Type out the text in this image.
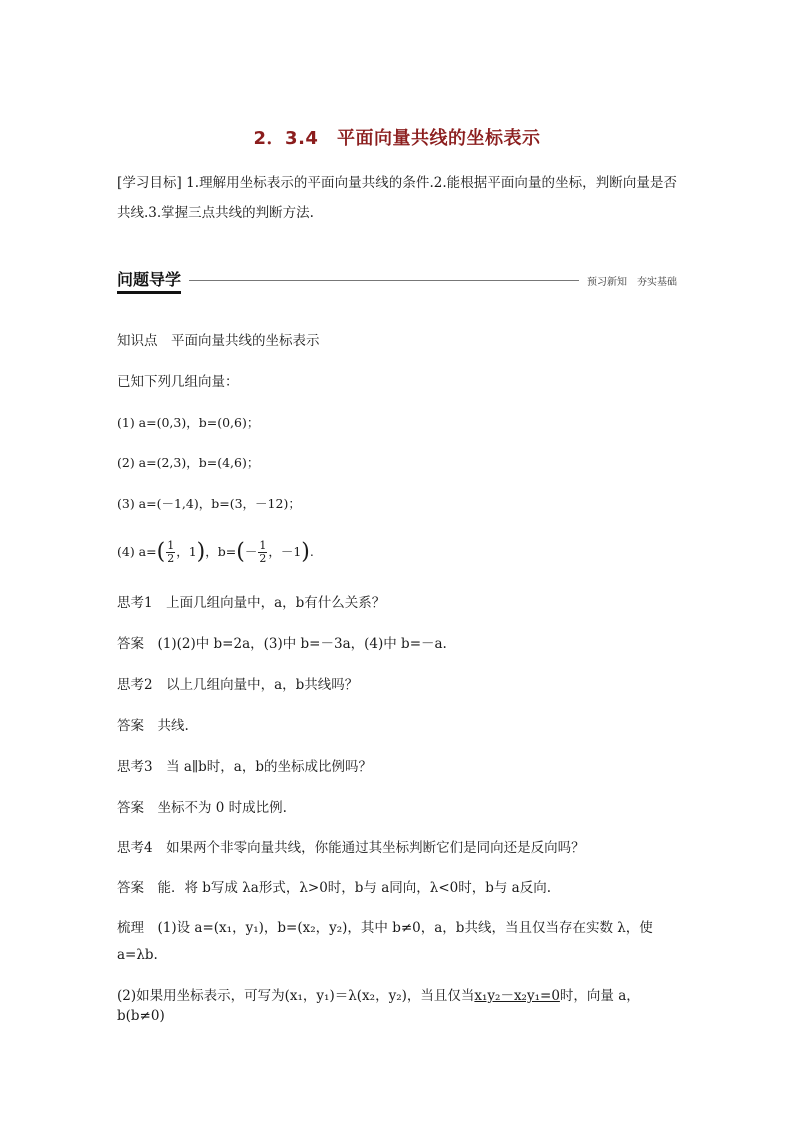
2．3.4　平面向量共线的坐标表示
[学习目标] 1.理解用坐标表示的平面向量共线的条件.2.能根据平面向量的坐标，判断向量是否共线.3.掌握三点共线的判断方法.
问题导学	预习新知　夯实基础
知识点　平面向量共线的坐标表示
已知下列几组向量：
(1) a=(0,3)，b=(0,6)；
(2) a=(2,3)，b=(4,6)；
(3) a=(－1,4)，b=(3，－12)；
(4) $a=( \frac{1}{2}$ ，1)，$b=(- \frac{1}{2}$ ，－1).
思考1　上面几组向量中，a，b有什么关系？
答案　(1)(2)中 b=2a，(3)中 b=－3a，(4)中 b=－a.
思考2　以上几组向量中，a，b共线吗？
答案　共线.
思考3　当 a∥b时，a，b的坐标成比例吗？
答案　坐标不为 0 时成比例.
思考4　如果两个非零向量共线，你能通过其坐标判断它们是同向还是反向吗？
答案　能．将 b写成 λa形式，λ>0时，b与 a同向，λ<0时，b与 a反向.
梳理　(1)设 a=(x₁，y₁)，b=(x₂，y₂)，其中 b≠0，a，b共线，当且仅当存在实数 λ，使
a=λb.
(2)如果用坐标表示，可写为(x₁，y₁)＝λ(x₂，y₂)，当且仅当x₁y₂－x₂y₁=0时，向量 a，b(b≠0)
